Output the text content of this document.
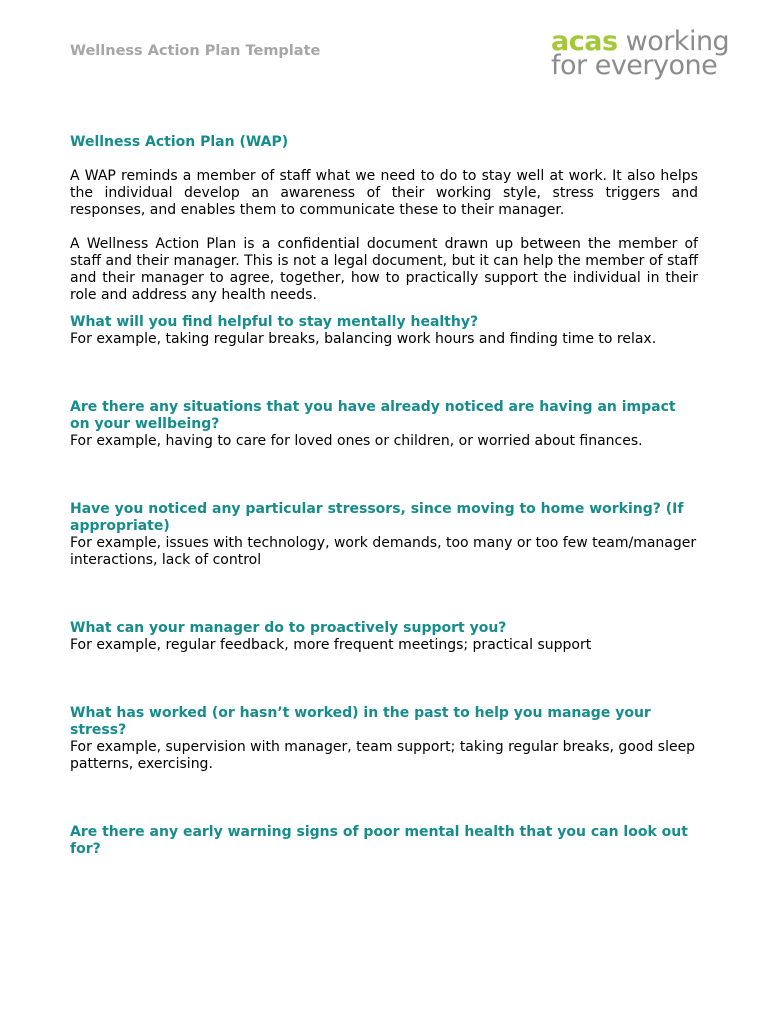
Wellness Action Plan Template	acas working
for everyone
Wellness Action Plan (WAP)

A WAP reminds a member of staff what we need to do to stay well at work. It also helps the individual develop an awareness of their working style, stress triggers and responses, and enables them to communicate these to their manager.

A Wellness Action Plan is a confidential document drawn up between the member of staff and their manager. This is not a legal document, but it can help the member of staff and their manager to agree, together, how to practically support the individual in their role and address any health needs.

What will you find helpful to stay mentally healthy?

For example, taking regular breaks, balancing work hours and finding time to relax.

Are there any situations that you have already noticed are having an impact on your wellbeing?

For example, having to care for loved ones or children, or worried about finances.

Have you noticed any particular stressors, since moving to home working? (If appropriate)

For example, issues with technology, work demands, too many or too few team/manager interactions, lack of control

What can your manager do to proactively support you?

For example, regular feedback, more frequent meetings; practical support

What has worked (or hasn’t worked) in the past to help you manage your stress?

For example, supervision with manager, team support; taking regular breaks, good sleep patterns, exercising.

Are there any early warning signs of poor mental health that you can look out for?
